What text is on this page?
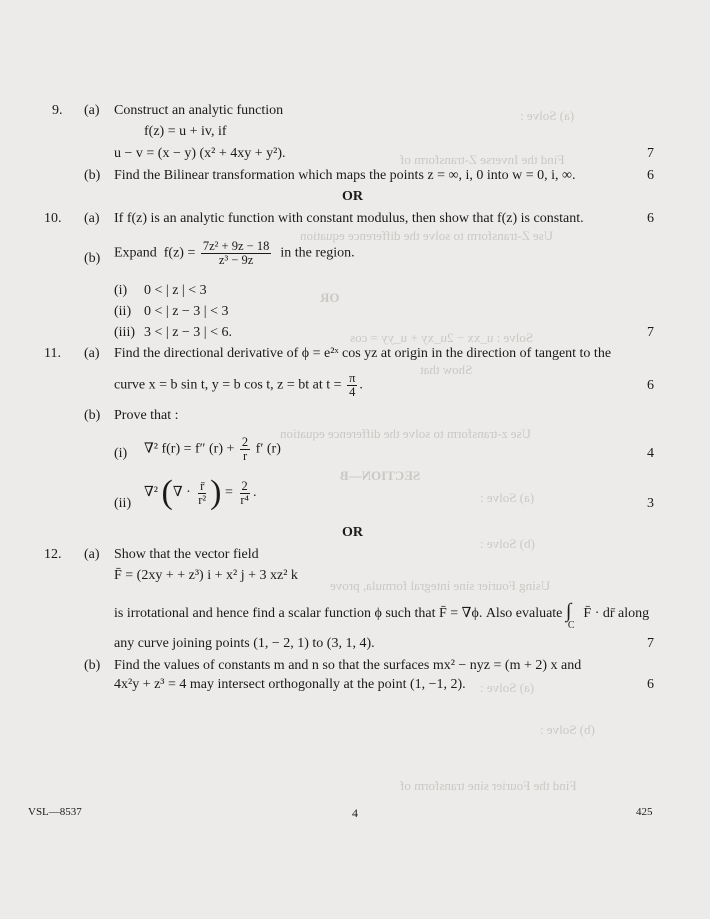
(a) Solve :
Find the Inverse Z-transform of
Use Z-transform to solve the difference equation
OR
Solve : u_xx − 2u_xy + u_yy = cos
Show that
Use z-transform to solve the difference equation
SECTION—B
(a) Solve :
(b) Solve :
Using Fourier sine integral formula, prove
(a) Solve :
(b) Solve :
Find the Fourier sine transform of
9. (a) Construct an analytic function
f(z) = u + iv, if
u − v = (x − y) (x² + 4xy + y²).	7
(b) Find the Bilinear transformation which maps the points z = ∞, i, 0 into w = 0, i, ∞.	6
OR
10. (a) If f(z) is an analytic function with constant modulus, then show that f(z) is constant.	6
(b) Expand $f(z) = \frac{\text{7z² + 9z − 18}}{\text{z³ − 9z}}$ in the region.
(i) 0 < | z | < 3
(ii) 0 < | z − 3 | < 3
(iii) 3 < | z − 3 | < 6.	7
11. (a) Find the directional derivative of ϕ = e²ˣ cos yz at origin in the direction of tangent to the
curve x = b sin t, y = b cos t, z = bt at $t = \frac{\pi}{4}$ .	6
(b) Prove that :
(i) ∇² f(r) = f″ $(r) + \frac{2}{r} f'$ (r)	4
(ii)
∇² (∇ · $\frac{r̄}{\text{r²}}$ ) = $\frac{2}{\text{r⁴}}$ .
3
OR
12. (a) Show that the vector field
F̄ = (2xy + + z³) i + x² j + 3 xz² k
is irrotational and hence find a scalar function ϕ such that F̄ = ∇ϕ. Also evaluate ∫
C
F̄ · dr̄ along
any curve joining points (1, − 2, 1) to (3, 1, 4).	7
(b) Find the values of constants m and n so that the surfaces mx² − nyz = (m + 2) x and
4x²y + z³ = 4 may intersect orthogonally at the point (1, −1, 2).	6
VSL—8537	4	425
